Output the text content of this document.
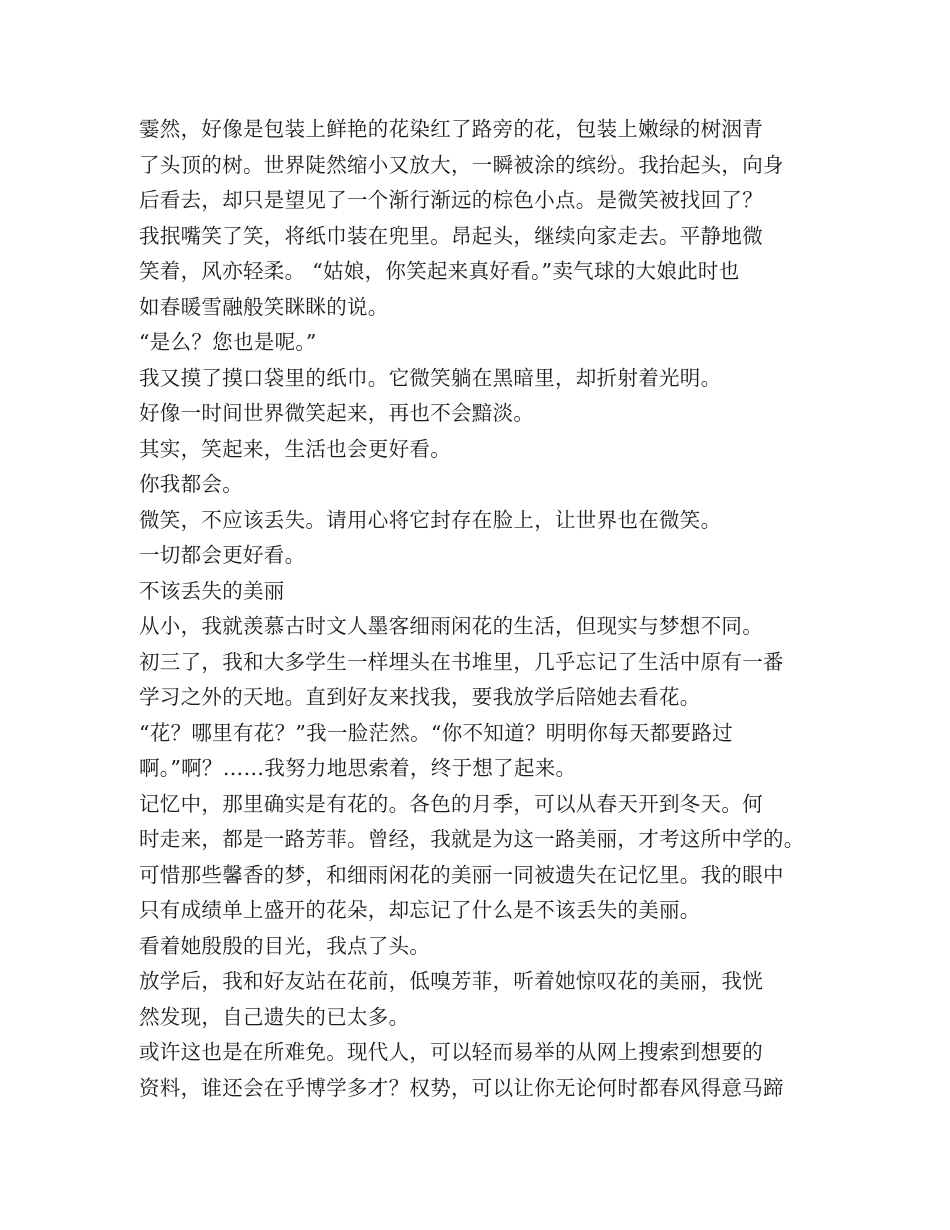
霎然，好像是包装上鲜艳的花染红了路旁的花，包装上嫩绿的树洇青
了头顶的树。世界陡然缩小又放大，一瞬被涂的缤纷。我抬起头，向身
后看去，却只是望见了一个渐行渐远的棕色小点。是微笑被找回了？
我抿嘴笑了笑，将纸巾装在兜里。昂起头，继续向家走去。平静地微
笑着，风亦轻柔。 “姑娘，你笑起来真好看。”卖气球的大娘此时也
如春暖雪融般笑眯眯的说。
“是么？您也是呢。”
我又摸了摸口袋里的纸巾。它微笑躺在黑暗里，却折射着光明。
好像一时间世界微笑起来，再也不会黯淡。
其实，笑起来，生活也会更好看。
你我都会。
微笑，不应该丢失。请用心将它封存在脸上，让世界也在微笑。
一切都会更好看。
不该丢失的美丽
从小，我就羡慕古时文人墨客细雨闲花的生活，但现实与梦想不同。
初三了，我和大多学生一样埋头在书堆里，几乎忘记了生活中原有一番
学习之外的天地。直到好友来找我，要我放学后陪她去看花。
“花？哪里有花？”我一脸茫然。“你不知道？明明你每天都要路过
啊。”啊？……我努力地思索着，终于想了起来。
记忆中，那里确实是有花的。各色的月季，可以从春天开到冬天。何
时走来，都是一路芳菲。曾经，我就是为这一路美丽，才考这所中学的。
可惜那些馨香的梦，和细雨闲花的美丽一同被遗失在记忆里。我的眼中
只有成绩单上盛开的花朵，却忘记了什么是不该丢失的美丽。
看着她殷殷的目光，我点了头。
放学后，我和好友站在花前，低嗅芳菲，听着她惊叹花的美丽，我恍
然发现，自己遗失的已太多。
或许这也是在所难免。现代人，可以轻而易举的从网上搜索到想要的
资料，谁还会在乎博学多才？权势，可以让你无论何时都春风得意马蹄
